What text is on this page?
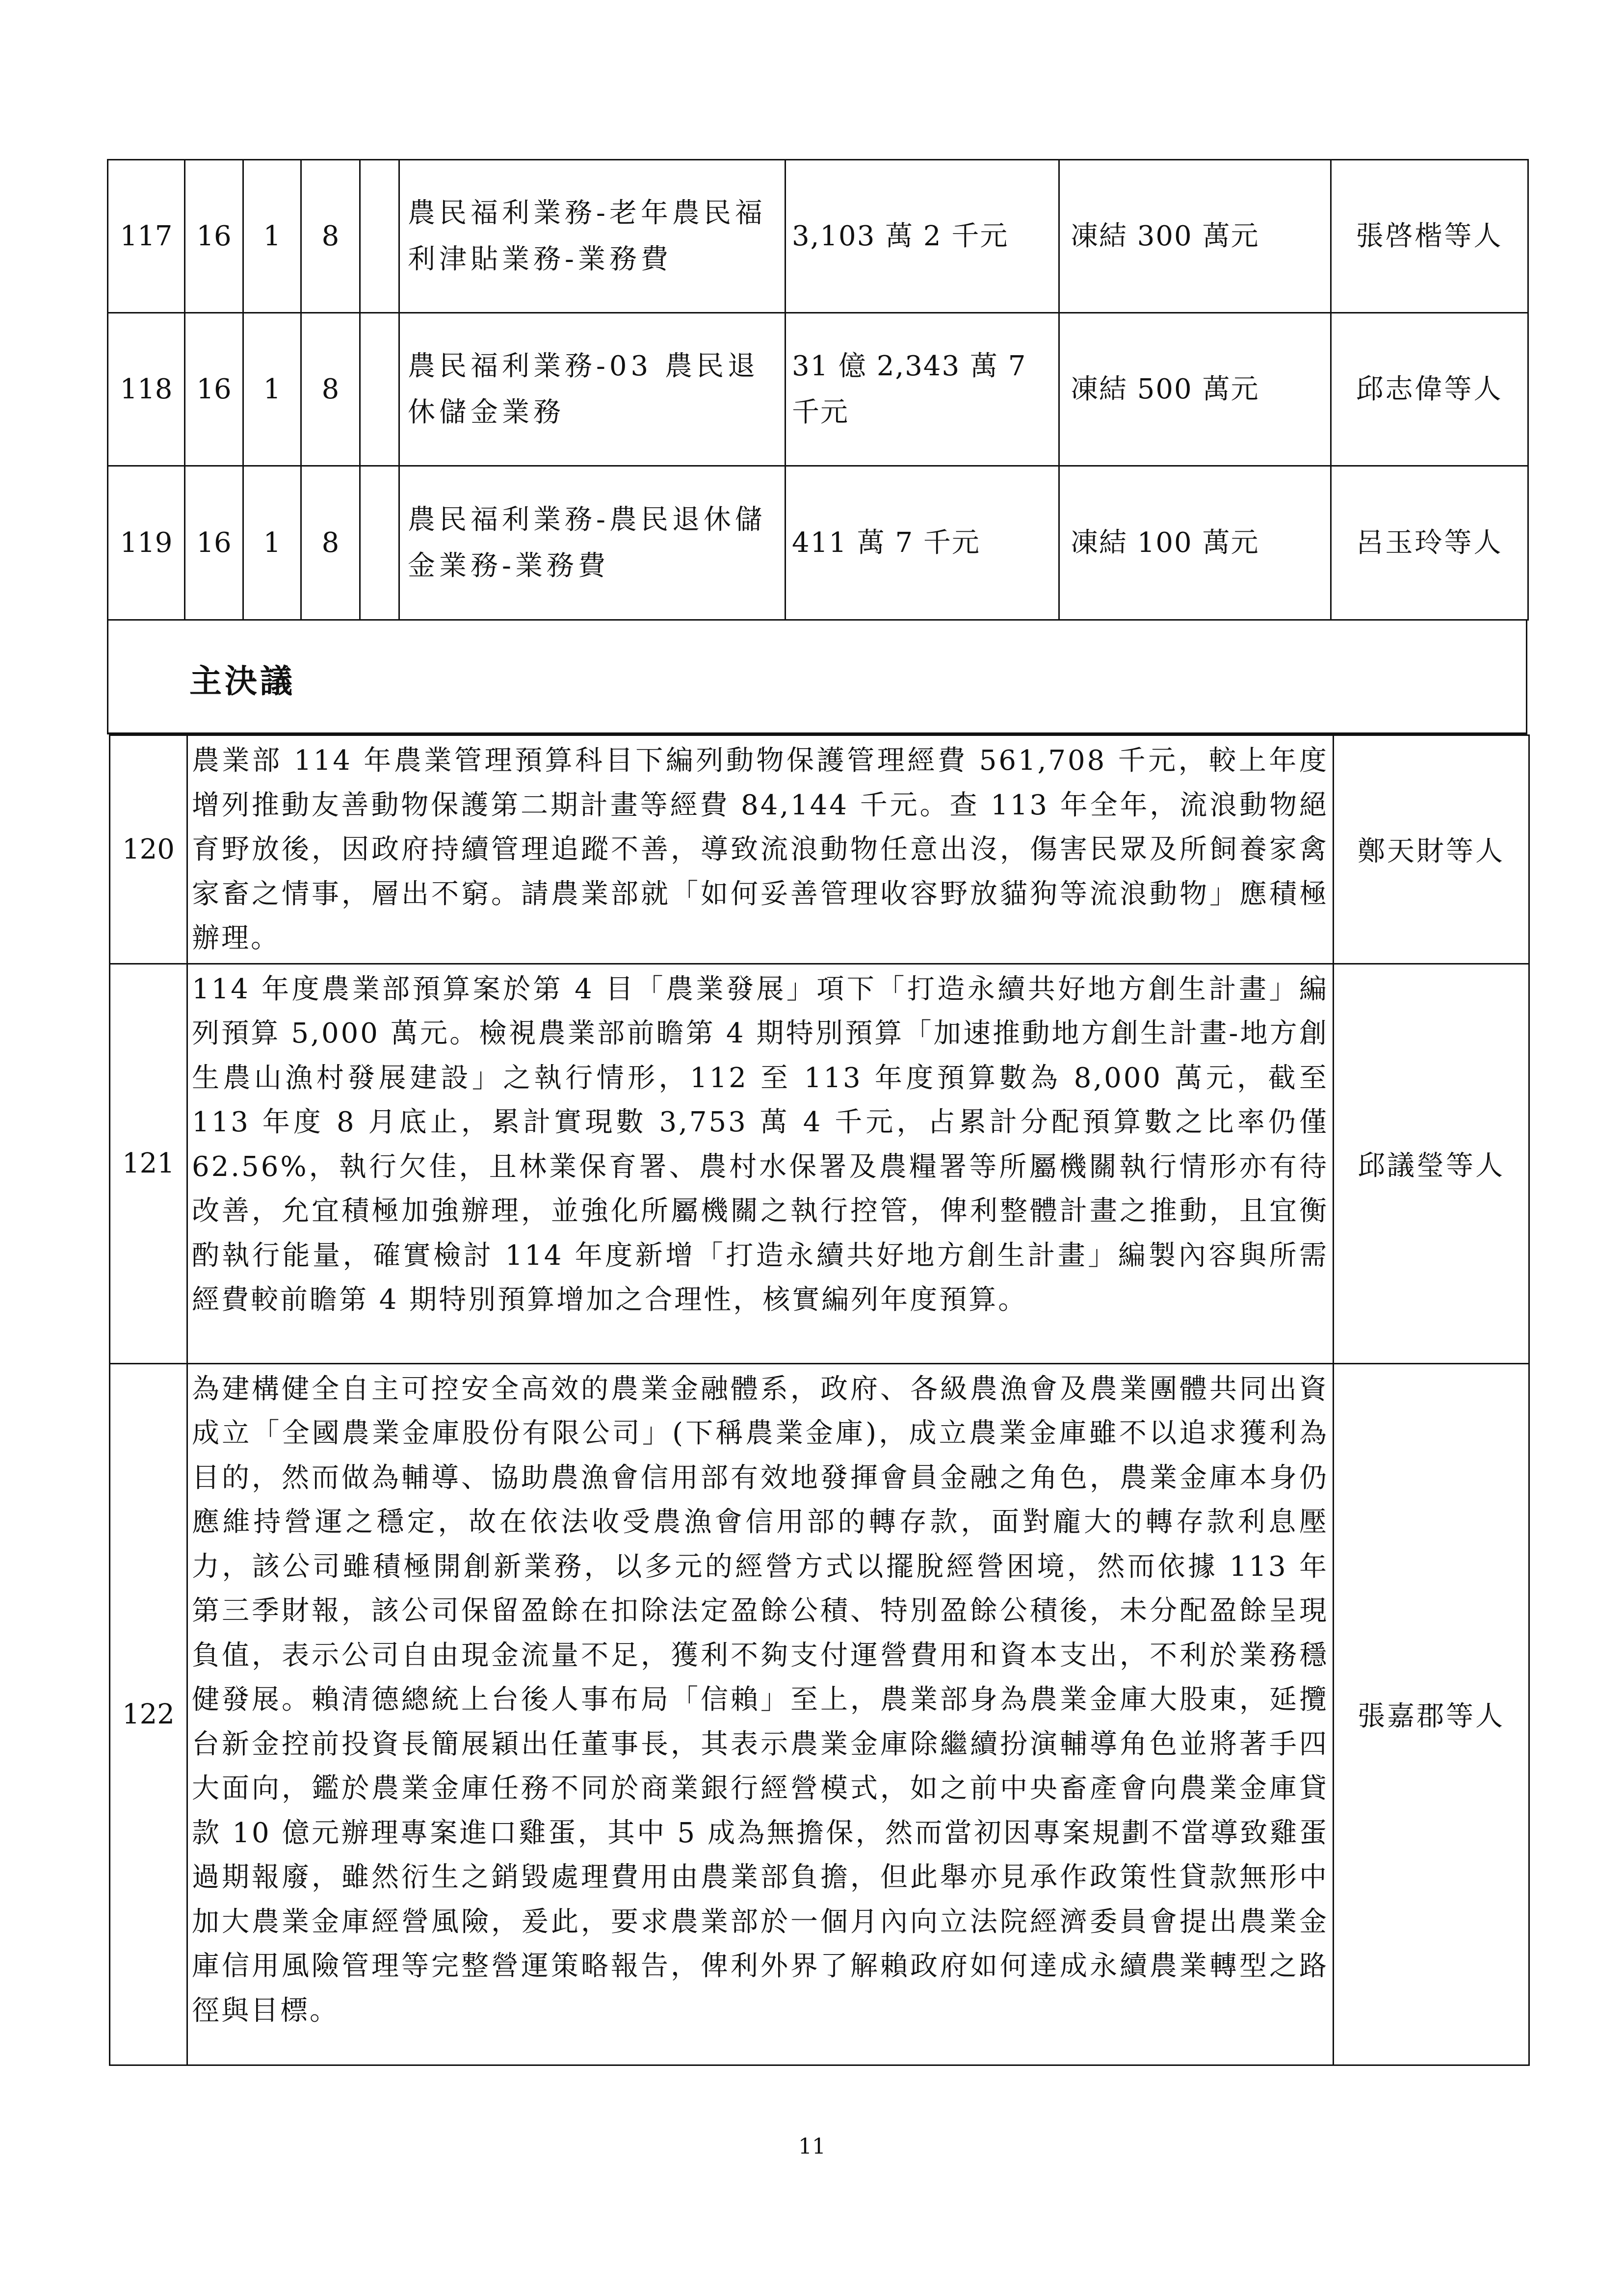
117	16	1	8		農民福利業務-老年農民福利津貼業務-業務費	3,103 萬 2 千元	凍結 300 萬元	張啓楷等人
118	16	1	8		農民福利業務-03 農民退休儲金業務	31 億 2,343 萬 7 千元	凍結 500 萬元	邱志偉等人
119	16	1	8		農民福利業務-農民退休儲金業務-業務費	411 萬 7 千元	凍結 100 萬元	呂玉玲等人
主決議
120	農業部 114 年農業管理預算科目下編列動物保護管理經費 561,708 千元，較上年度增列推動友善動物保護第二期計畫等經費 84,144 千元。查 113 年全年，流浪動物絕育野放後，因政府持續管理追蹤不善，導致流浪動物任意出沒，傷害民眾及所飼養家禽家畜之情事，層出不窮。請農業部就「如何妥善管理收容野放貓狗等流浪動物」應積極辦理。	鄭天財等人
121	114 年度農業部預算案於第 4 目「農業發展」項下「打造永續共好地方創生計畫」編列預算 5,000 萬元。檢視農業部前瞻第 4 期特別預算「加速推動地方創生計畫-地方創生農山漁村發展建設」之執行情形，112 至 113 年度預算數為 8,000 萬元，截至 113 年度 8 月底止，累計實現數 3,753 萬 4 千元，占累計分配預算數之比率仍僅 62.56%，執行欠佳，且林業保育署、農村水保署及農糧署等所屬機關執行情形亦有待改善，允宜積極加強辦理，並強化所屬機關之執行控管，俾利整體計畫之推動，且宜衡酌執行能量，確實檢討 114 年度新增「打造永續共好地方創生計畫」編製內容與所需經費較前瞻第 4 期特別預算增加之合理性，核實編列年度預算。	邱議瑩等人
122	為建構健全自主可控安全高效的農業金融體系，政府、各級農漁會及農業團體共同出資成立「全國農業金庫股份有限公司」(下稱農業金庫)，成立農業金庫雖不以追求獲利為目的，然而做為輔導、協助農漁會信用部有效地發揮會員金融之角色，農業金庫本身仍應維持營運之穩定，故在依法收受農漁會信用部的轉存款，面對龐大的轉存款利息壓力，該公司雖積極開創新業務，以多元的經營方式以擺脫經營困境，然而依據 113 年第三季財報，該公司保留盈餘在扣除法定盈餘公積、特別盈餘公積後，未分配盈餘呈現負值，表示公司自由現金流量不足，獲利不夠支付運營費用和資本支出，不利於業務穩健發展。賴清德總統上台後人事布局「信賴」至上，農業部身為農業金庫大股東，延攬台新金控前投資長簡展穎出任董事長，其表示農業金庫除繼續扮演輔導角色並將著手四大面向，鑑於農業金庫任務不同於商業銀行經營模式，如之前中央畜產會向農業金庫貸款 10 億元辦理專案進口雞蛋，其中 5 成為無擔保，然而當初因專案規劃不當導致雞蛋過期報廢，雖然衍生之銷毀處理費用由農業部負擔，但此舉亦見承作政策性貸款無形中加大農業金庫經營風險，爰此，要求農業部於一個月內向立法院經濟委員會提出農業金庫信用風險管理等完整營運策略報告，俾利外界了解賴政府如何達成永續農業轉型之路徑與目標。	張嘉郡等人
11
